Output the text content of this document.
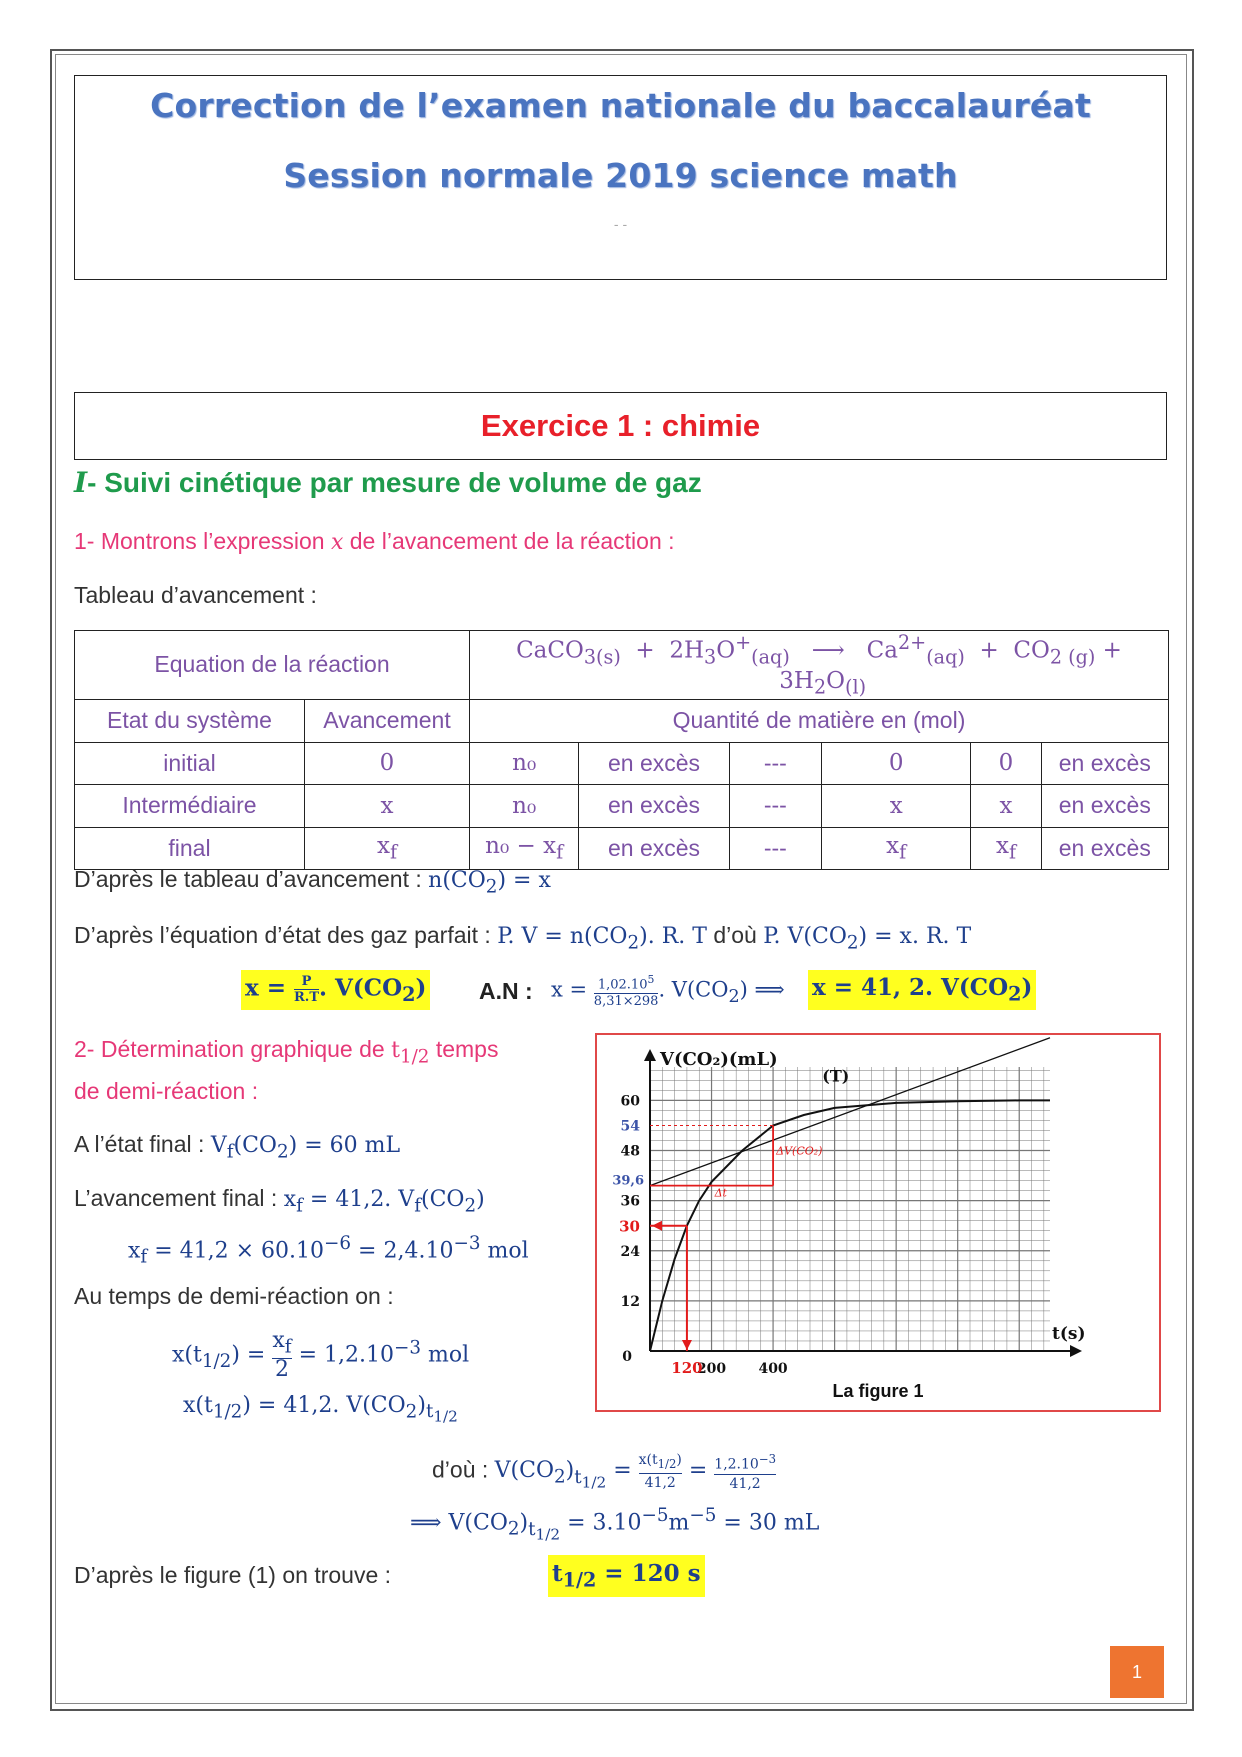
Correction de l’examen nationale du baccalauréat
Session normale 2019 science math
- -
Exercice 1 : chimie
I- Suivi cinétique par mesure de volume de gaz
1- Montrons l’expression x de l’avancement de la réaction :
Tableau d’avancement :
Equation de la réaction		CaCO$_{3(s)}$  +  $2H_3O^+_{(aq)}$   ⟶   $Ca^{2+}_{(aq)} + CO_{2 (g)} + 3H_2O_{(l)}$
Etat du système	Avancement	Quantité de matière en (mol)					
initial	0	n₀	en excès	---	0	0	en excès
Intermédiaire	x	n₀	en excès	---	x	x	en excès
final	$x_f$	$n_0 - x_f$	en excès	---	$x_f$	$x_f$	en excès
D’après le tableau d’avancement : $n(CO_2) = x$
D’après l’équation d’état des gaz parfait : P. $V = n(CO_2)$. R. T d’où P. $V(CO_2) = x$. R. T
$x = \frac{P}{R.T}$ . $V(CO_2)$ A.N : $x = \frac{1,02.10^5}{8,31\times 298}$ . $V(CO_2)$ ⟹ x = 41, 2. $V(CO_2)$
2- Détermination graphique de $t_{1/2}$ temps
de demi-réaction :
A l’état final : $V_f(CO_2) = 60$ mL
L’avancement final : $x_f = 41,2$. $V_f(CO_2)$
$x_f = 41,2 \times 60.10^{-6} = 2,4.10^{-3}$ mol
Au temps de demi-réaction on :
$x(t_{1/2}) = \frac{x_f}{2} = 1,2.10^{-3}$ mol
$x(t_{1/2}) = 41,2$. $V(CO_2)_{t_{1/2}}$
d’où : $V(CO_2)_{t_{1/2}} = \frac{x(t_{1/2})}{41,2} = \frac{1,2.10^{-3}}{41,2}$
⟹ $V(CO_2)_{t_{1/2}} = 3.10^{-5}m^{-5} = 30$ mL
D’après le figure (1) on trouve :	$t_{1/2} = 120$ s
12
24
36
48
60
200 400
0
54
39,6
30
120
V(CO₂)(mL)
t(s)
(T)
ΔV(CO₂)
Δt
La figure 1
1
